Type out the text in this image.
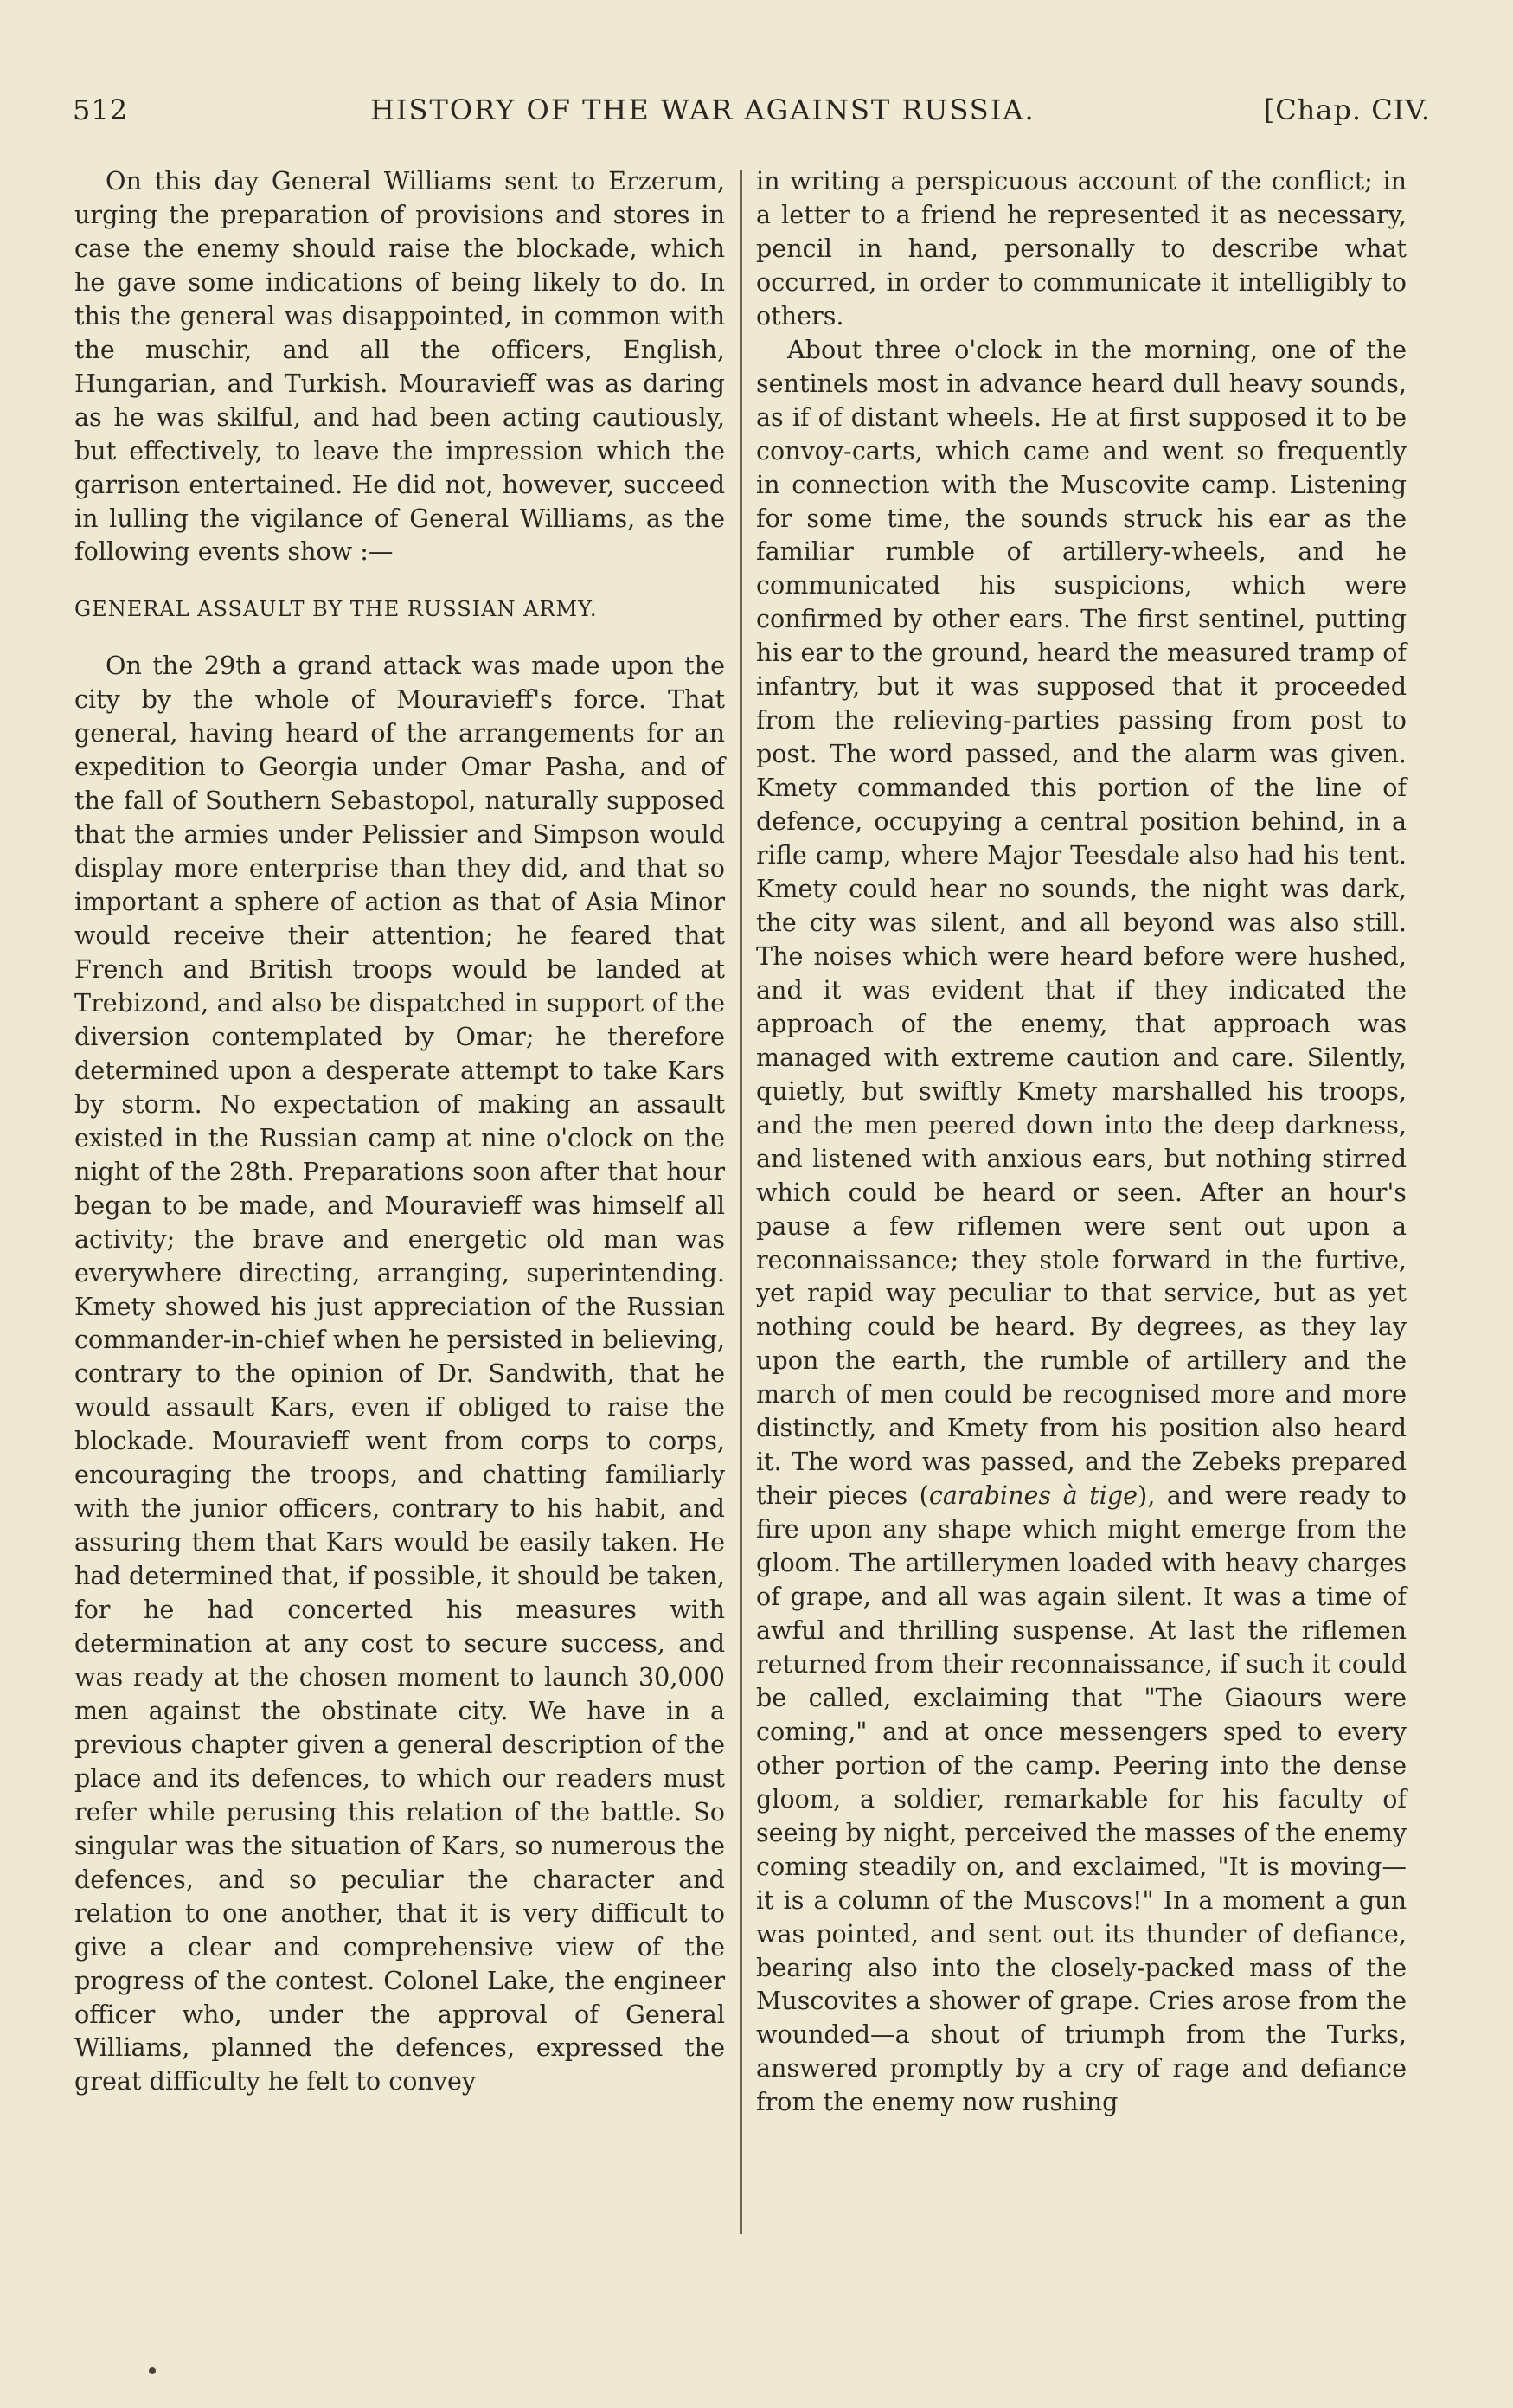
512	HISTORY OF THE WAR AGAINST RUSSIA.	[Chap. CIV.

On this day General Williams sent to Erzerum, urging the preparation of provisions and stores in case the enemy should raise the blockade, which he gave some indications of being likely to do. In this the general was disappointed, in common with the muschir, and all the officers, English, Hungarian, and Turkish. Mouravieff was as daring as he was skilful, and had been acting cautiously, but effectively, to leave the impression which the garrison entertained. He did not, however, succeed in lulling the vigilance of General Williams, as the following events show :—

GENERAL ASSAULT BY THE RUSSIAN ARMY.

On the 29th a grand attack was made upon the city by the whole of Mouravieff's force. That general, having heard of the arrangements for an expedition to Georgia under Omar Pasha, and of the fall of Southern Sebastopol, naturally supposed that the armies under Pelissier and Simpson would display more enterprise than they did, and that so important a sphere of action as that of Asia Minor would receive their attention; he feared that French and British troops would be landed at Trebizond, and also be dispatched in support of the diversion contemplated by Omar; he therefore determined upon a desperate attempt to take Kars by storm. No expectation of making an assault existed in the Russian camp at nine o'clock on the night of the 28th. Preparations soon after that hour began to be made, and Mouravieff was himself all activity; the brave and energetic old man was everywhere directing, arranging, superintending. Kmety showed his just appreciation of the Russian commander-in-chief when he persisted in believing, contrary to the opinion of Dr. Sandwith, that he would assault Kars, even if obliged to raise the blockade. Mouravieff went from corps to corps, encouraging the troops, and chatting familiarly with the junior officers, contrary to his habit, and assuring them that Kars would be easily taken. He had determined that, if possible, it should be taken, for he had concerted his measures with determination at any cost to secure success, and was ready at the chosen moment to launch 30,000 men against the obstinate city. We have in a previous chapter given a general description of the place and its defences, to which our readers must refer while perusing this relation of the battle. So singular was the situation of Kars, so numerous the defences, and so peculiar the character and relation to one another, that it is very difficult to give a clear and comprehensive view of the progress of the contest. Colonel Lake, the engineer officer who, under the approval of General Williams, planned the defences, expressed the great difficulty he felt to convey

in writing a perspicuous account of the conflict; in a letter to a friend he represented it as necessary, pencil in hand, personally to describe what occurred, in order to communicate it intelligibly to others.

About three o'clock in the morning, one of the sentinels most in advance heard dull heavy sounds, as if of distant wheels. He at first supposed it to be convoy-carts, which came and went so frequently in connection with the Muscovite camp. Listening for some time, the sounds struck his ear as the familiar rumble of artillery-wheels, and he communicated his suspicions, which were confirmed by other ears. The first sentinel, putting his ear to the ground, heard the measured tramp of infantry, but it was supposed that it proceeded from the relieving-parties passing from post to post. The word passed, and the alarm was given. Kmety commanded this portion of the line of defence, occupying a central position behind, in a rifle camp, where Major Teesdale also had his tent. Kmety could hear no sounds, the night was dark, the city was silent, and all beyond was also still. The noises which were heard before were hushed, and it was evident that if they indicated the approach of the enemy, that approach was managed with extreme caution and care. Silently, quietly, but swiftly Kmety marshalled his troops, and the men peered down into the deep darkness, and listened with anxious ears, but nothing stirred which could be heard or seen. After an hour's pause a few riflemen were sent out upon a reconnaissance; they stole forward in the furtive, yet rapid way peculiar to that service, but as yet nothing could be heard. By degrees, as they lay upon the earth, the rumble of artillery and the march of men could be recognised more and more distinctly, and Kmety from his position also heard it. The word was passed, and the Zebeks prepared their pieces (carabines à tige), and were ready to fire upon any shape which might emerge from the gloom. The artillerymen loaded with heavy charges of grape, and all was again silent. It was a time of awful and thrilling suspense. At last the riflemen returned from their reconnaissance, if such it could be called, exclaiming that "The Giaours were coming," and at once messengers sped to every other portion of the camp. Peering into the dense gloom, a soldier, remarkable for his faculty of seeing by night, perceived the masses of the enemy coming steadily on, and exclaimed, "It is moving—it is a column of the Muscovs!" In a moment a gun was pointed, and sent out its thunder of defiance, bearing also into the closely-packed mass of the Muscovites a shower of grape. Cries arose from the wounded—a shout of triumph from the Turks, answered promptly by a cry of rage and defiance from the enemy now rushing
